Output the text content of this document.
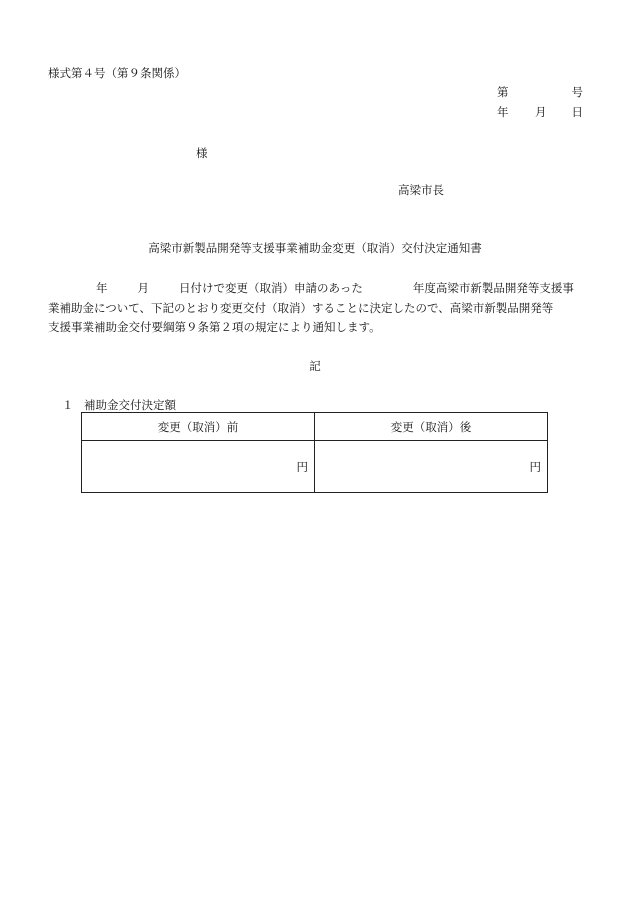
様式第４号（第９条関係）
第	号
年 月 日
様
高梁市長
高梁市新製品開発等支援事業補助金変更（取消）交付決定通知書
年	月	日付けで変更（取消）申請のあった	年度高梁市新製品開発等支援事
業補助金について、下記のとおり変更交付（取消）することに決定したので、高梁市新製品開発等
支援事業補助金交付要綱第９条第２項の規定により通知します。
記
１ 補助金交付決定額
変更（取消）前	変更（取消）後
円	円
